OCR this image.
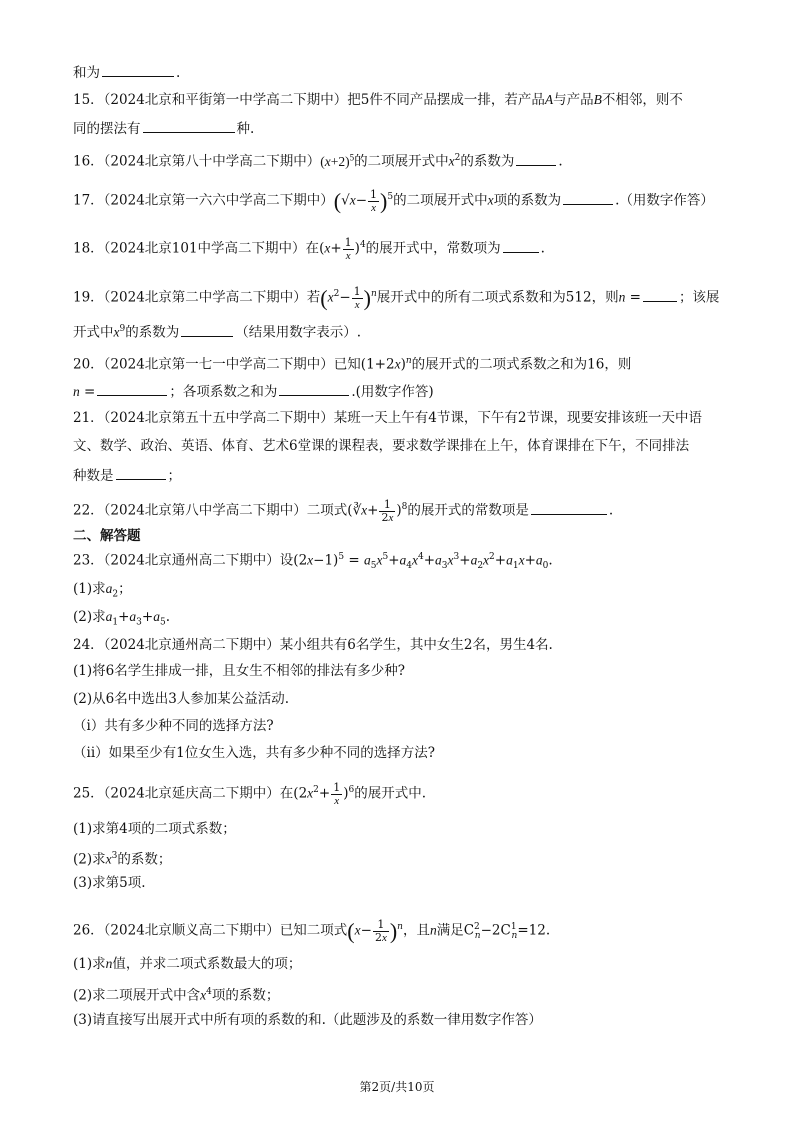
和为	.
15．（2024北京和平街第一中学高二下期中）把5件不同产品摆成一排，若产品A与产品B不相邻，则不
同的摆法有	种.
16．（2024北京第八十中学高二下期中）$(x+2)^5$的二项展开式中$x^2$的系数为	.
17．（2024北京第一六六中学高二下期中）$(√x- \frac{1}{x} )^5$的二项展开式中x项的系数为	.（用数字作答）
18．（2024北京101中学高二下期中）在$(x+ \frac{1}{x} )^4$的展开式中，常数项为	.
19．（2024北京第二中学高二下期中）若$(x^2- \frac{1}{x} )^n$展开式中的所有二项式系数和为512，则n =	；该展
开式中$x^9$的系数为	（结果用数字表示）.
20．（2024北京第一七一中学高二下期中）已知$(1+2x)^n$的展开式的二项式系数之和为16，则
n =	；各项系数之和为	.(用数字作答)
21．（2024北京第五十五中学高二下期中）某班一天上午有4节课，下午有2节课，现要安排该班一天中语
文、数学、政治、英语、体育、艺术6堂课的课程表，要求数学课排在上午，体育课排在下午，不同排法
种数是	；
22．（2024北京第八中学高二下期中）二项式(∛x+ $\frac{1}{2x} )^8$的展开式的常数项是	.
二、解答题
23．（2024北京通州高二下期中）设$(2x-1)^5 = a_5x^5+a_4x^4+a_3x^3+a_2x^2+a_1x+a_0$.
(1)求$a_2$；
(2)求$a_1+a_3+a_5$.
24．（2024北京通州高二下期中）某小组共有6名学生，其中女生2名，男生4名.
(1)将6名学生排成一排，且女生不相邻的排法有多少种?
(2)从6名中选出3人参加某公益活动.
（i）共有多少种不同的选择方法?
（ii）如果至少有1位女生入选，共有多少种不同的选择方法?
25．（2024北京延庆高二下期中）在$(2x^2+ \frac{1}{x} )^6$的展开式中.
(1)求第4项的二项式系数；
(2)求$x^3$的系数；
(3)求第5项.
26．（2024北京顺义高二下期中）已知二项式$(x- \frac{1}{2x} )^n$，且n满足$C^2_n-2C^1_n=12$.
(1)求n值，并求二项式系数最大的项；
(2)求二项展开式中含$x^4$项的系数；
(3)请直接写出展开式中所有项的系数的和.（此题涉及的系数一律用数字作答）
第2页/共10页
